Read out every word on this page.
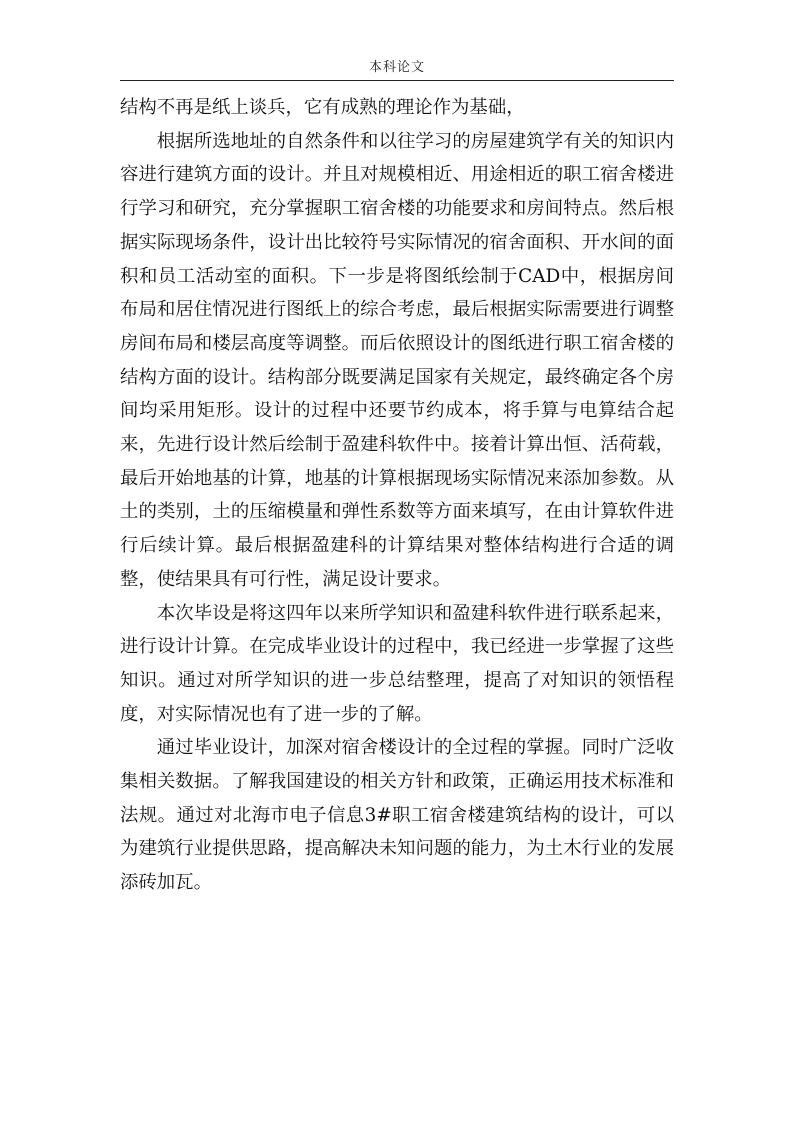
本科论文

结构不再是纸上谈兵，它有成熟的理论作为基础，

根据所选地址的自然条件和以往学习的房屋建筑学有关的知识内容进行建筑方面的设计。并且对规模相近、用途相近的职工宿舍楼进行学习和研究，充分掌握职工宿舍楼的功能要求和房间特点。然后根据实际现场条件，设计出比较符号实际情况的宿舍面积、开水间的面积和员工活动室的面积。下一步是将图纸绘制于CAD中，根据房间布局和居住情况进行图纸上的综合考虑，最后根据实际需要进行调整房间布局和楼层高度等调整。而后依照设计的图纸进行职工宿舍楼的结构方面的设计。结构部分既要满足国家有关规定，最终确定各个房间均采用矩形。设计的过程中还要节约成本，将手算与电算结合起来，先进行设计然后绘制于盈建科软件中。接着计算出恒、活荷载，最后开始地基的计算，地基的计算根据现场实际情况来添加参数。从土的类别，土的压缩模量和弹性系数等方面来填写，在由计算软件进行后续计算。最后根据盈建科的计算结果对整体结构进行合适的调整，使结果具有可行性，满足设计要求。

本次毕设是将这四年以来所学知识和盈建科软件进行联系起来，进行设计计算。在完成毕业设计的过程中，我已经进一步掌握了这些知识。通过对所学知识的进一步总结整理，提高了对知识的领悟程度，对实际情况也有了进一步的了解。

通过毕业设计，加深对宿舍楼设计的全过程的掌握。同时广泛收集相关数据。了解我国建设的相关方针和政策，正确运用技术标准和法规。通过对北海市电子信息3#职工宿舍楼建筑结构的设计，可以为建筑行业提供思路，提高解决未知问题的能力，为土木行业的发展添砖加瓦。
